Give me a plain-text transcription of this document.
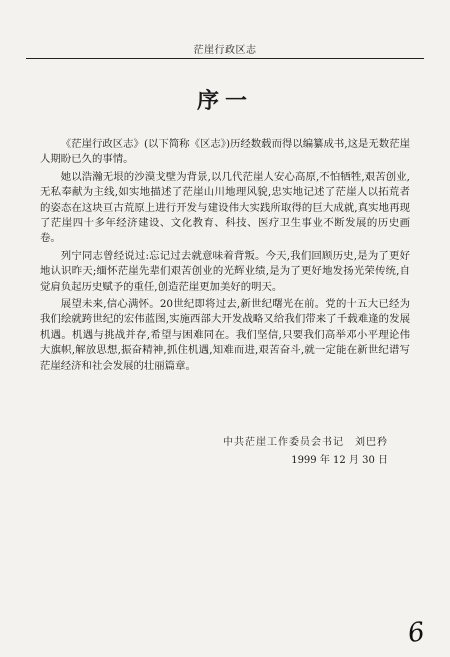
茫崖行政区志
序一

《茫崖行政区志》(以下简称《区志》)历经数载而得以编纂成书,这是无数茫崖人期盼已久的事情。

她以浩瀚无垠的沙漠戈壁为背景,以几代茫崖人安心高原,不怕牺牲,艰苦创业,无私奉献为主线,如实地描述了茫崖山川地理风貌,忠实地记述了茫崖人以拓荒者的姿态在这块亘古荒原上进行开发与建设伟大实践所取得的巨大成就,真实地再现了茫崖四十多年经济建设、文化教育、科技、医疗卫生事业不断发展的历史画卷。

列宁同志曾经说过:忘记过去就意味着背叛。今天,我们回顾历史,是为了更好地认识昨天;缅怀茫崖先辈们艰苦创业的光辉业绩,是为了更好地发扬光荣传统,自觉肩负起历史赋予的重任,创造茫崖更加美好的明天。

展望未来,信心满怀。20世纪即将过去,新世纪曙光在前。党的十五大已经为我们绘就跨世纪的宏伟蓝图,实施西部大开发战略又给我们带来了千载难逢的发展机遇。机遇与挑战并存,希望与困难同在。我们坚信,只要我们高举邓小平理论伟大旗帜,解放思想,振奋精神,抓住机遇,知难而进,艰苦奋斗,就一定能在新世纪谱写茫崖经济和社会发展的壮丽篇章。

中共茫崖工作委员会书记　刘巴矜
1999 年 12 月 30 日
6
